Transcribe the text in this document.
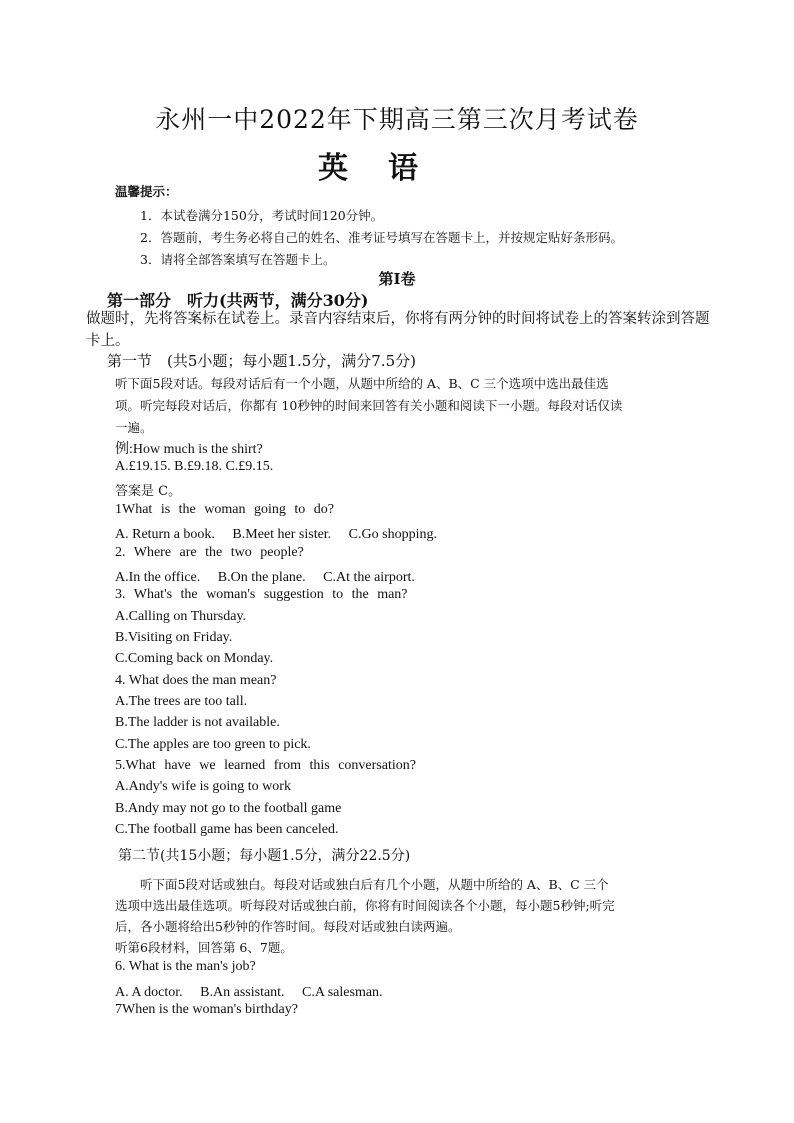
永州一中2022年下期高三第三次月考试卷
英语
温馨提示：
1．本试卷满分150分，考试时间120分钟。
2．答题前，考生务必将自己的姓名、准考证号填写在答题卡上，并按规定贴好条形码。
3．请将全部答案填写在答题卡上。
第I卷
第一部分　听力(共两节，满分30分)
做题时，先将答案标在试卷上。录音内容结束后，你将有两分钟的时间将试卷上的答案转涂到答题卡上。
第一节　(共5小题；每小题1.5分，满分7.5分)
听下面5段对话。每段对话后有一个小题，从题中所给的 A、B、C 三个选项中选出最佳选
项。听完每段对话后，你都有 10秒钟的时间来回答有关小题和阅读下一小题。每段对话仅读
一遍。
例:How much is the shirt?
A.£19.15. B.£9.18. C.£9.15.
答案是 C。
1What is the woman going to do?
A. Return a book.　 B.Meet her sister.　 C.Go shopping.
2. Where are the two people?
A.In the office.　 B.On the plane.　 C.At the airport.
3. What's the woman's suggestion to the man?
A.Calling on Thursday.
B.Visiting on Friday.
C.Coming back on Monday.
4. What does the man mean?
A.The trees are too tall.
B.The ladder is not available.
C.The apples are too green to pick.
5.What have we learned from this conversation?
A.Andy's wife is going to work
B.Andy may not go to the football game
C.The football game has been canceled.
第二节(共15小题；每小题1.5分，满分22.5分)
听下面5段对话或独白。每段对话或独白后有几个小题，从题中所给的 A、B、C 三个
选项中选出最佳选项。听每段对话或独白前，你将有时间阅读各个小题，每小题5秒钟;听完
后，各小题将给出5秒钟的作答时间。每段对话或独白读两遍。
听第6段材料，回答第 6、7题。
6. What is the man's job?
A. A doctor.　 B.An assistant.　 C.A salesman.
7When is the woman's birthday?
